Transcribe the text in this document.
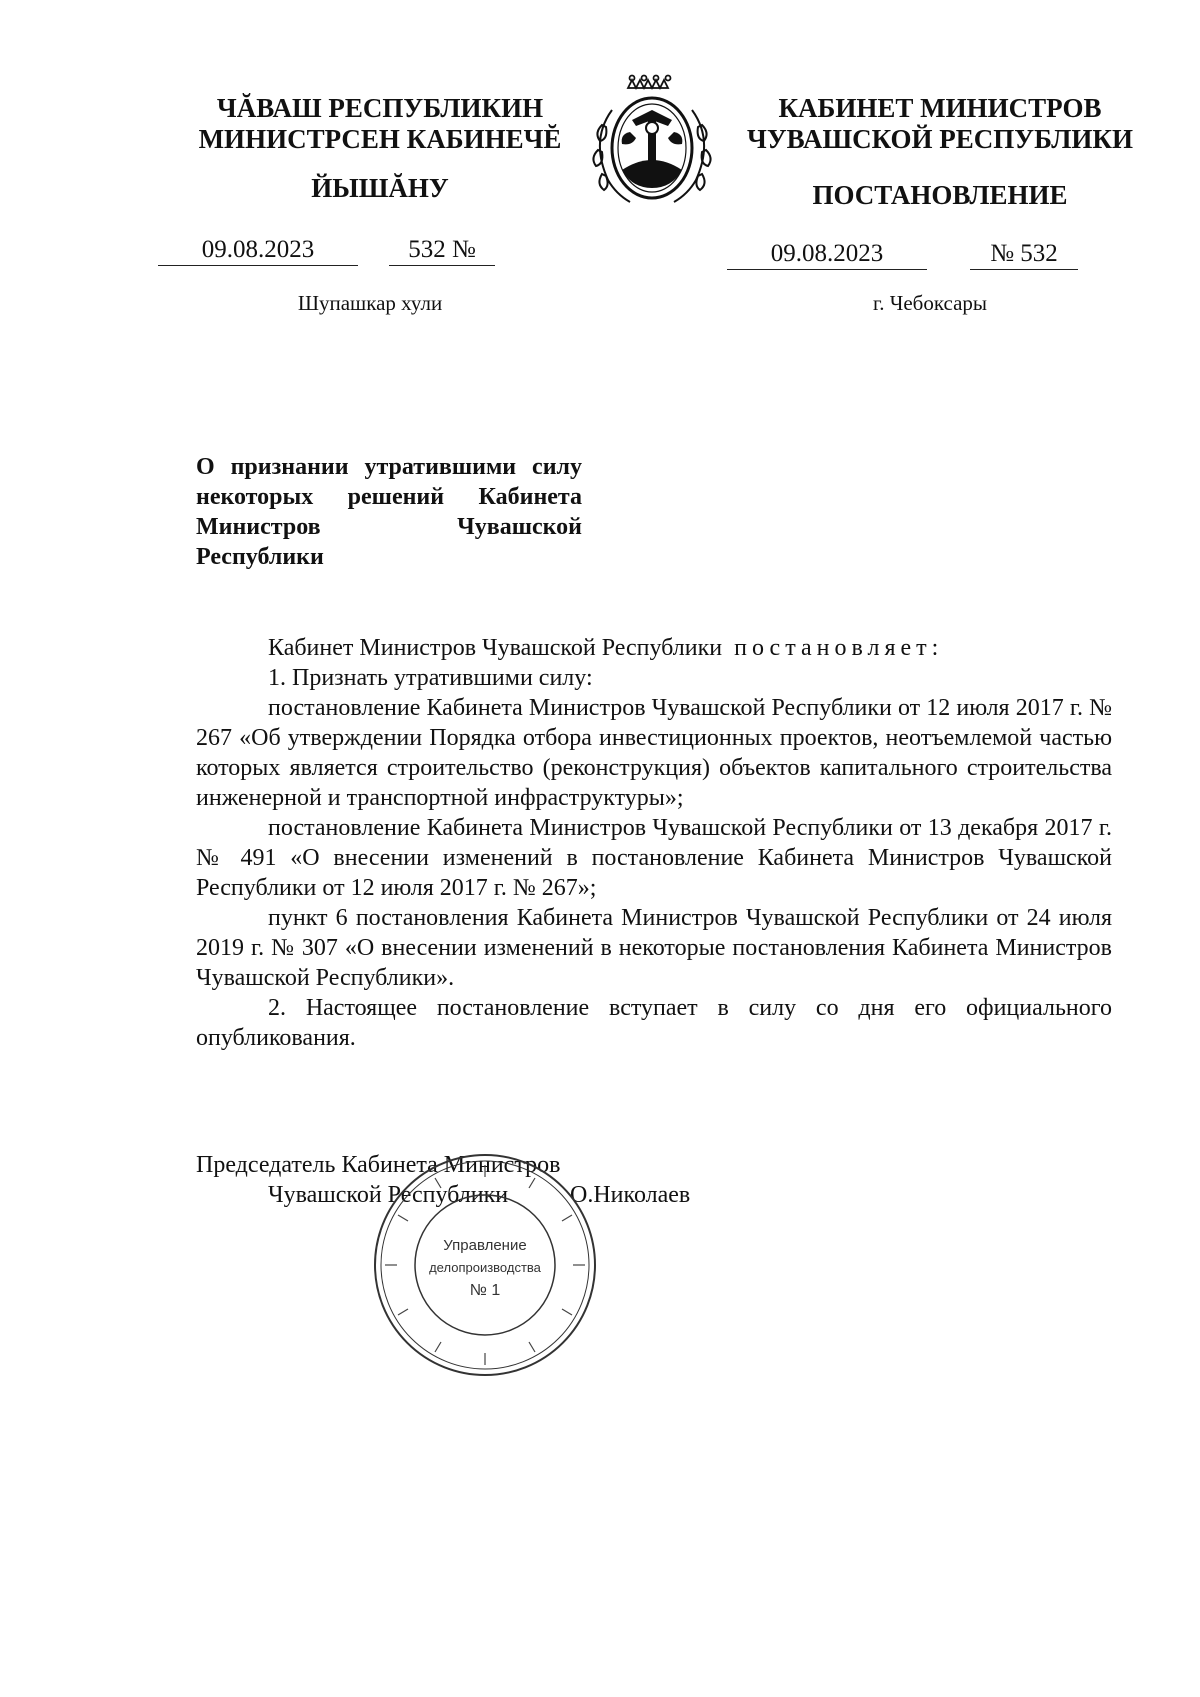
ЧĂВАШ РЕСПУБЛИКИН
МИНИСТРСЕН КАБИНЕЧĔ
КАБИНЕТ МИНИСТРОВ
ЧУВАШСКОЙ РЕСПУБЛИКИ
ЙЫШĂНУ	ПОСТАНОВЛЕНИЕ
09.08.2023	532 №	09.08.2023	№ 532
Шупашкар хули	г. Чебоксары
О признании утратившими силу некоторых решений Кабинета Министров Чувашской Республики

Кабинет Министров Чувашской Республики постановляет:

1. Признать утратившими силу:

постановление Кабинета Министров Чувашской Республики от 12 июля 2017 г. № 267 «Об утверждении Порядка отбора инвестиционных проектов, неотъемлемой частью которых является строительство (реконструкция) объектов капитального строительства инженерной и транспортной инфраструктуры»;

постановление Кабинета Министров Чувашской Республики от 13 декабря 2017 г. № 491 «О внесении изменений в постановление Кабинета Министров Чувашской Республики от 12 июля 2017 г. № 267»;

пункт 6 постановления Кабинета Министров Чувашской Республики от 24 июля 2019 г. № 307 «О внесении изменений в некоторые постановления Кабинета Министров Чувашской Республики».

2. Настоящее постановление вступает в силу со дня его официального опубликования.

Председатель Кабинета Министров
Чувашской Республики	О.Николаев
Управление
делопроизводства
№ 1
